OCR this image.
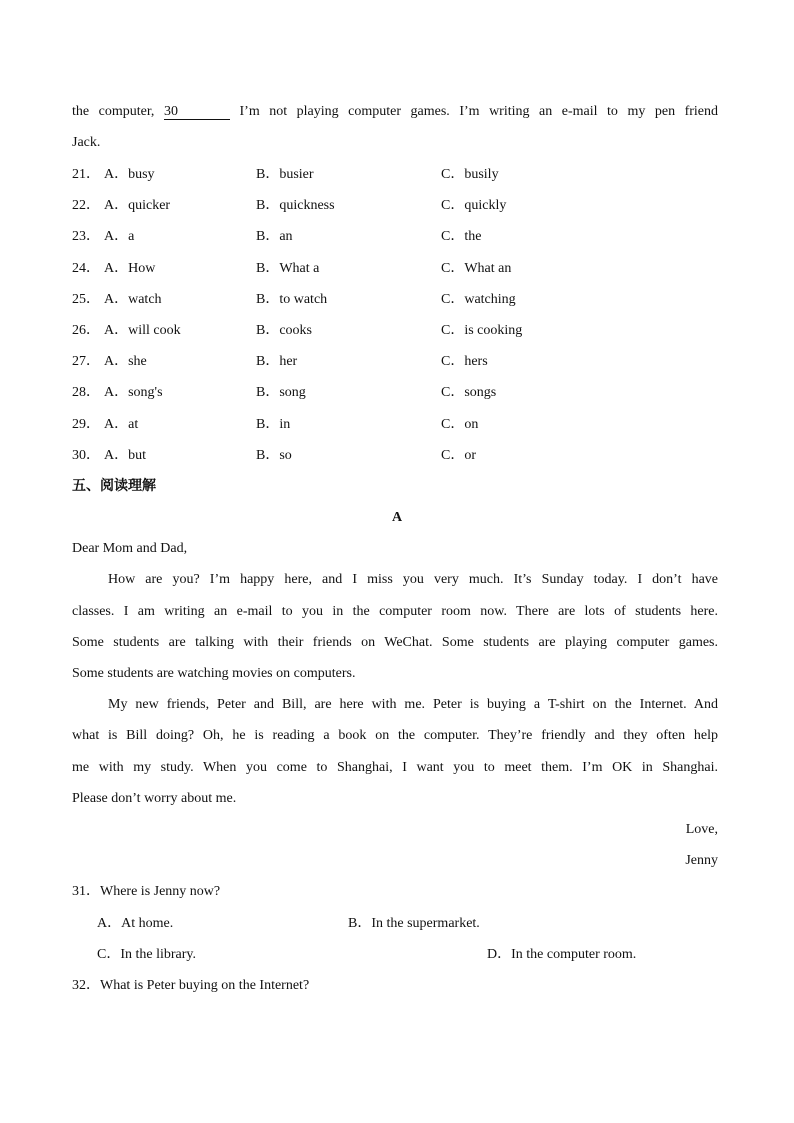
the computer, 30	I’m not playing computer games. I’m writing an e-mail to my pen friend
Jack.
21． A．busy	B．busier	C．busily
22． A．quicker	B．quickness	C．quickly
23． A．a	B．an	C．the
24． A．How	B．What a	C．What an
25． A．watch	B．to watch	C．watching
26． A．will cook	B．cooks	C．is cooking
27． A．she	B．her	C．hers
28． A．song's	B．song	C．songs
29． A．at	B．in	C．on
30． A．but	B．so	C．or
五、阅读理解
A
Dear Mom and Dad,
How are you? I’m happy here, and I miss you very much. It’s Sunday today. I don’t have
classes. I am writing an e-mail to you in the computer room now. There are lots of students here.
Some students are talking with their friends on WeChat. Some students are playing computer games.
Some students are watching movies on computers.
My new friends, Peter and Bill, are here with me. Peter is buying a T-shirt on the Internet. And
what is Bill doing? Oh, he is reading a book on the computer. They’re friendly and they often help
me with my study. When you come to Shanghai, I want you to meet them. I’m OK in Shanghai.
Please don’t worry about me.
Love,
Jenny
31．Where is Jenny now?
A．At home.	B．In the supermarket.
C．In the library.	D．In the computer room.
32．What is Peter buying on the Internet?
